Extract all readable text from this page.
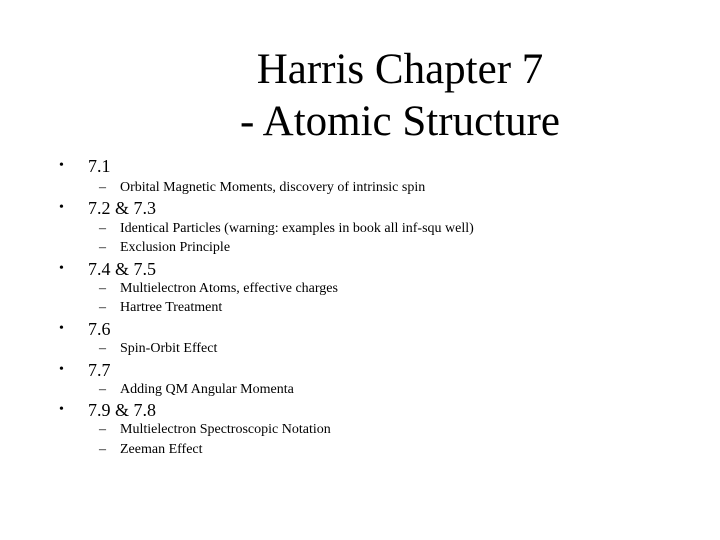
Harris Chapter 7
- Atomic Structure
• 7.1
– Orbital Magnetic Moments, discovery of intrinsic spin
• 7.2 & 7.3
– Identical Particles (warning: examples in book all inf-squ well)
– Exclusion Principle
• 7.4 & 7.5
– Multielectron Atoms, effective charges
– Hartree Treatment
• 7.6
– Spin-Orbit Effect
• 7.7
– Adding QM Angular Momenta
• 7.9 & 7.8
– Multielectron Spectroscopic Notation
– Zeeman Effect
